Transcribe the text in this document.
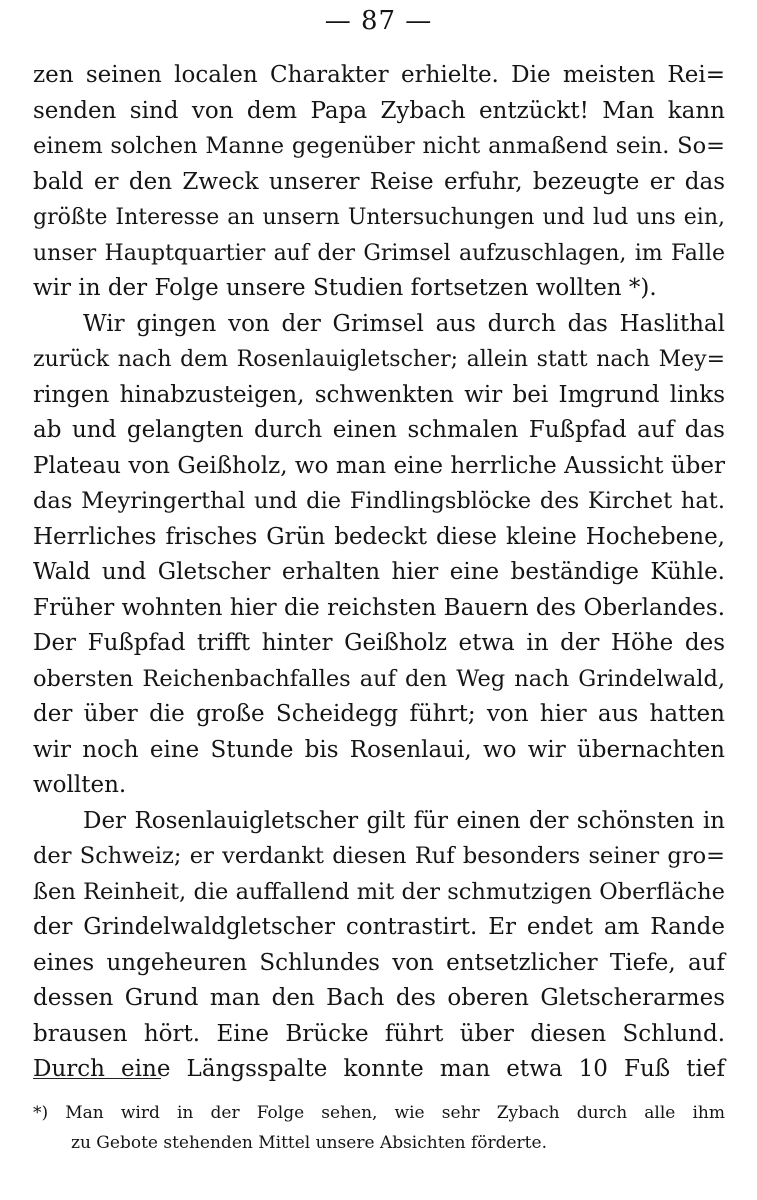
— 87 —
zen seinen localen Charakter erhielte. Die meisten Rei=
senden sind von dem Papa Zybach entzückt! Man kann
einem solchen Manne gegenüber nicht anmaßend sein. So=
bald er den Zweck unserer Reise erfuhr, bezeugte er das
größte Interesse an unsern Untersuchungen und lud uns ein,
unser Hauptquartier auf der Grimsel aufzuschlagen, im Falle
wir in der Folge unsere Studien fortsetzen wollten *).
Wir gingen von der Grimsel aus durch das Haslithal
zurück nach dem Rosenlauigletscher; allein statt nach Mey=
ringen hinabzusteigen, schwenkten wir bei Imgrund links
ab und gelangten durch einen schmalen Fußpfad auf das
Plateau von Geißholz, wo man eine herrliche Aussicht über
das Meyringerthal und die Findlingsblöcke des Kirchet hat.
Herrliches frisches Grün bedeckt diese kleine Hochebene,
Wald und Gletscher erhalten hier eine beständige Kühle.
Früher wohnten hier die reichsten Bauern des Oberlandes.
Der Fußpfad trifft hinter Geißholz etwa in der Höhe des
obersten Reichenbachfalles auf den Weg nach Grindelwald,
der über die große Scheidegg führt; von hier aus hatten
wir noch eine Stunde bis Rosenlaui, wo wir übernachten
wollten.
Der Rosenlauigletscher gilt für einen der schönsten in
der Schweiz; er verdankt diesen Ruf besonders seiner gro=
ßen Reinheit, die auffallend mit der schmutzigen Oberfläche
der Grindelwaldgletscher contrastirt. Er endet am Rande
eines ungeheuren Schlundes von entsetzlicher Tiefe, auf
dessen Grund man den Bach des oberen Gletscherarmes
brausen hört. Eine Brücke führt über diesen Schlund.
Durch eine Längsspalte konnte man etwa 10 Fuß tief
*) Man wird in der Folge sehen, wie sehr Zybach durch alle ihm
zu Gebote stehenden Mittel unsere Absichten förderte.
